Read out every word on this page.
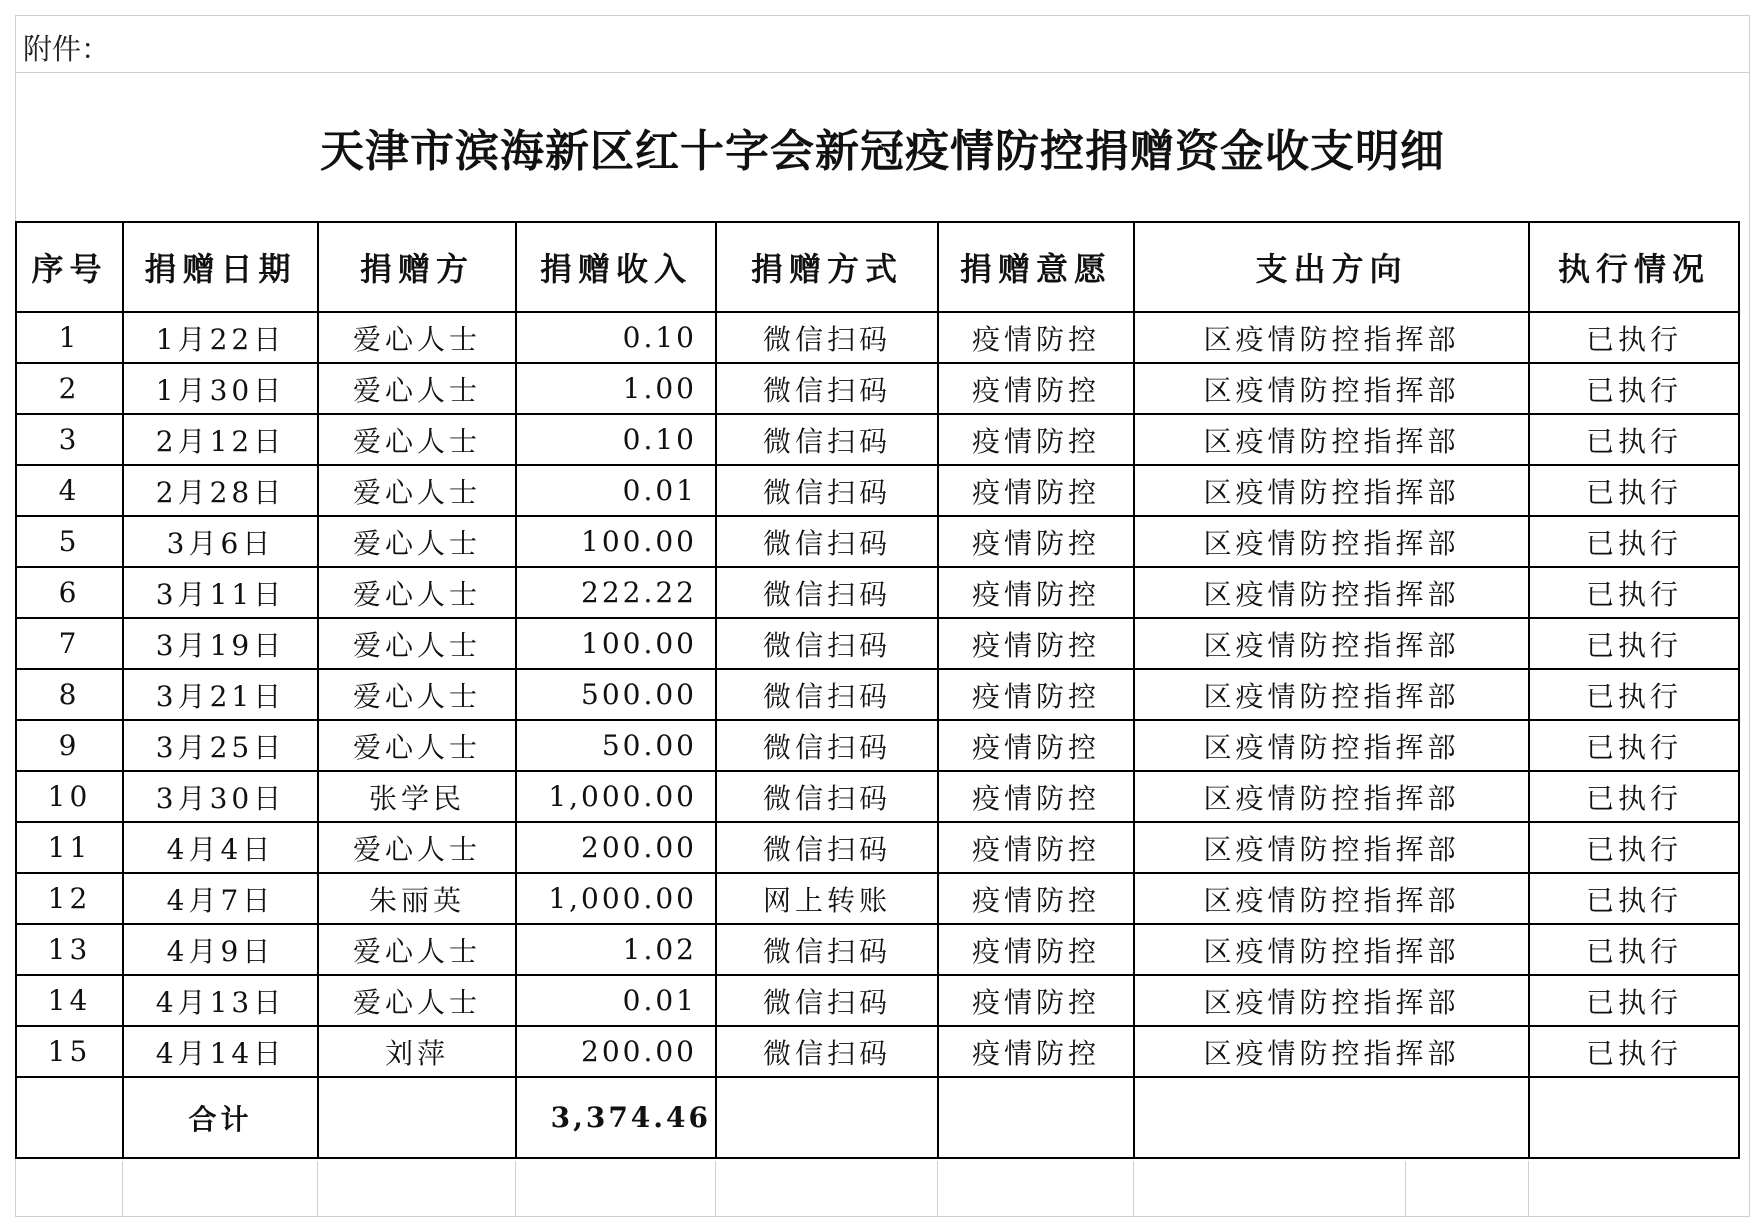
附件：
天津市滨海新区红十字会新冠疫情防控捐赠资金收支明细
序号	捐赠日期	捐赠方	捐赠收入	捐赠方式	捐赠意愿	支出方向	执行情况
1	1月22日	爱心人士	0.10	微信扫码	疫情防控	区疫情防控指挥部	已执行
2	1月30日	爱心人士	1.00	微信扫码	疫情防控	区疫情防控指挥部	已执行
3	2月12日	爱心人士	0.10	微信扫码	疫情防控	区疫情防控指挥部	已执行
4	2月28日	爱心人士	0.01	微信扫码	疫情防控	区疫情防控指挥部	已执行
5	3月6日	爱心人士	100.00	微信扫码	疫情防控	区疫情防控指挥部	已执行
6	3月11日	爱心人士	222.22	微信扫码	疫情防控	区疫情防控指挥部	已执行
7	3月19日	爱心人士	100.00	微信扫码	疫情防控	区疫情防控指挥部	已执行
8	3月21日	爱心人士	500.00	微信扫码	疫情防控	区疫情防控指挥部	已执行
9	3月25日	爱心人士	50.00	微信扫码	疫情防控	区疫情防控指挥部	已执行
10	3月30日	张学民	1,000.00	微信扫码	疫情防控	区疫情防控指挥部	已执行
11	4月4日	爱心人士	200.00	微信扫码	疫情防控	区疫情防控指挥部	已执行
12	4月7日	朱丽英	1,000.00	网上转账	疫情防控	区疫情防控指挥部	已执行
13	4月9日	爱心人士	1.02	微信扫码	疫情防控	区疫情防控指挥部	已执行
14	4月13日	爱心人士	0.01	微信扫码	疫情防控	区疫情防控指挥部	已执行
15	4月14日	刘萍	200.00	微信扫码	疫情防控	区疫情防控指挥部	已执行
	合计		3,374.46				
